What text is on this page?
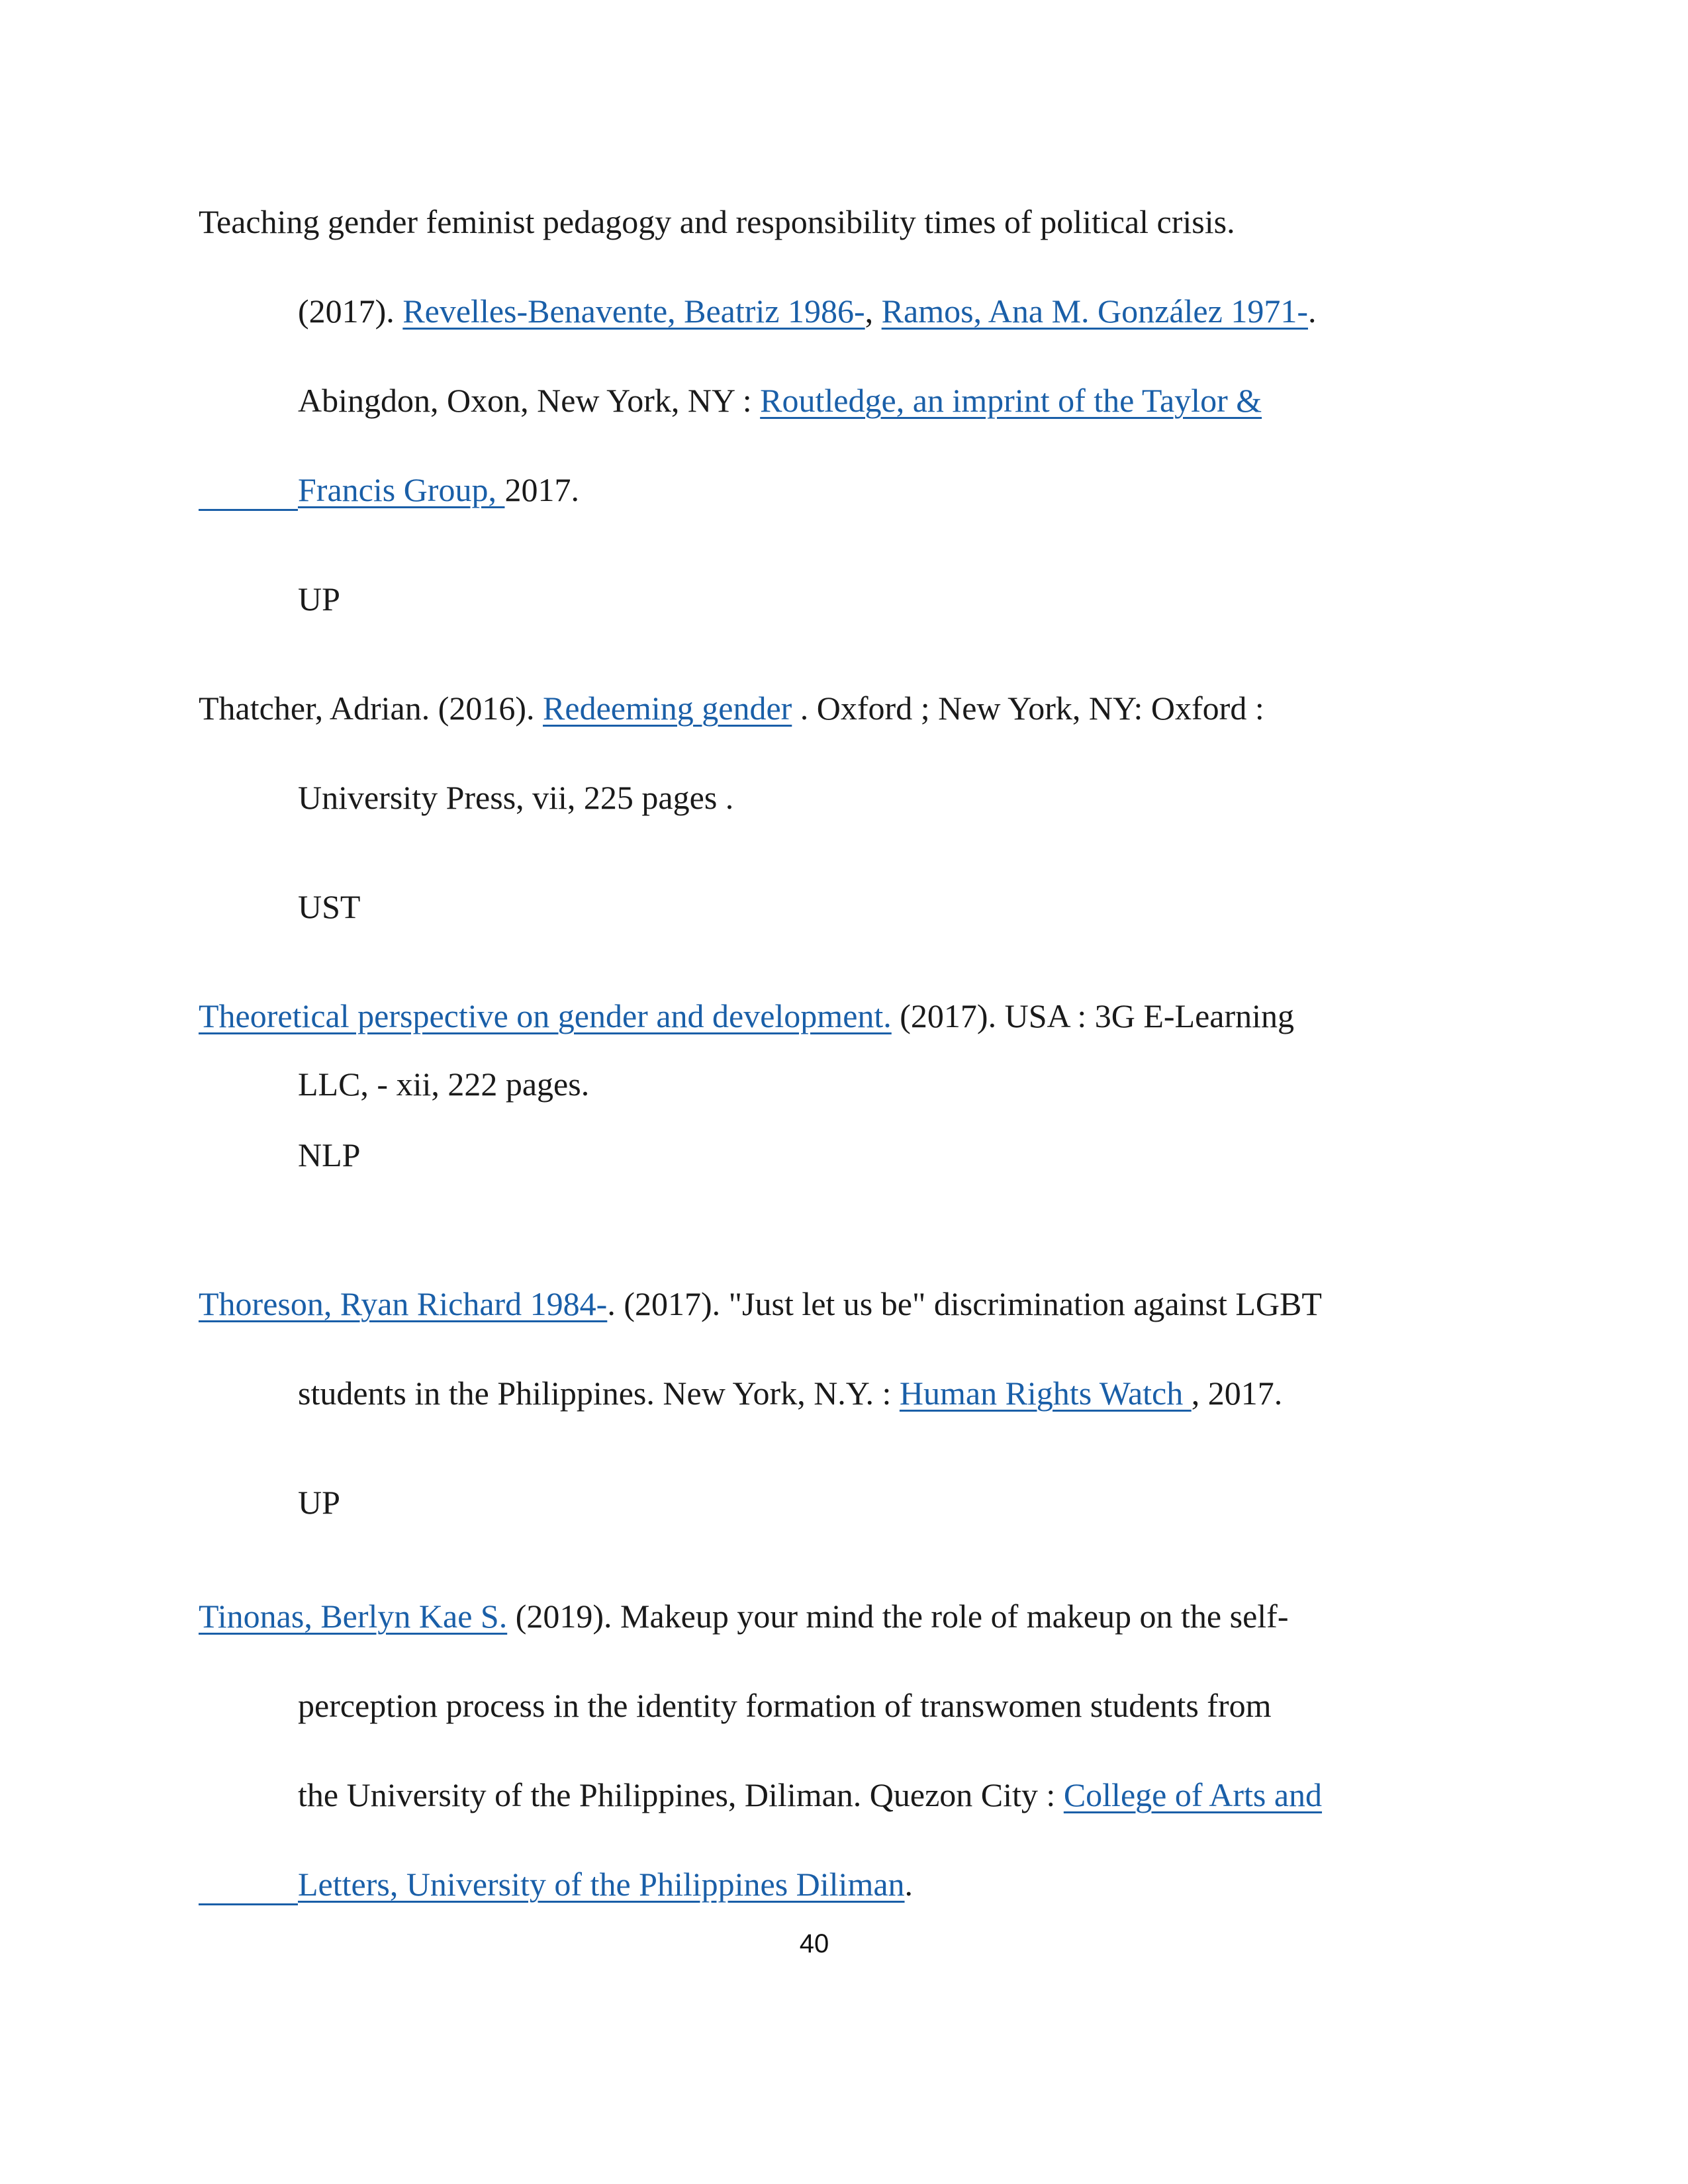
Teaching gender feminist pedagogy and responsibility times of political crisis.

(2017). Revelles-Benavente, Beatriz 1986-, Ramos, Ana M. González 1971-.

Abingdon, Oxon, New York, NY : Routledge, an imprint of the Taylor &

Francis Group, 2017.

UP

Thatcher, Adrian. (2016). Redeeming gender . Oxford ; New York, NY: Oxford :

University Press, vii, 225 pages .

UST

Theoretical perspective on gender and development. (2017). USA : 3G E-Learning

LLC, - xii, 222 pages.

NLP

Thoreson, Ryan Richard 1984-. (2017). "Just let us be" discrimination against LGBT

students in the Philippines. New York, N.Y. : Human Rights Watch , 2017.

UP

Tinonas, Berlyn Kae S. (2019). Makeup your mind the role of makeup on the self-

perception process in the identity formation of transwomen students from

the University of the Philippines, Diliman. Quezon City : College of Arts and

Letters, University of the Philippines Diliman.

40
